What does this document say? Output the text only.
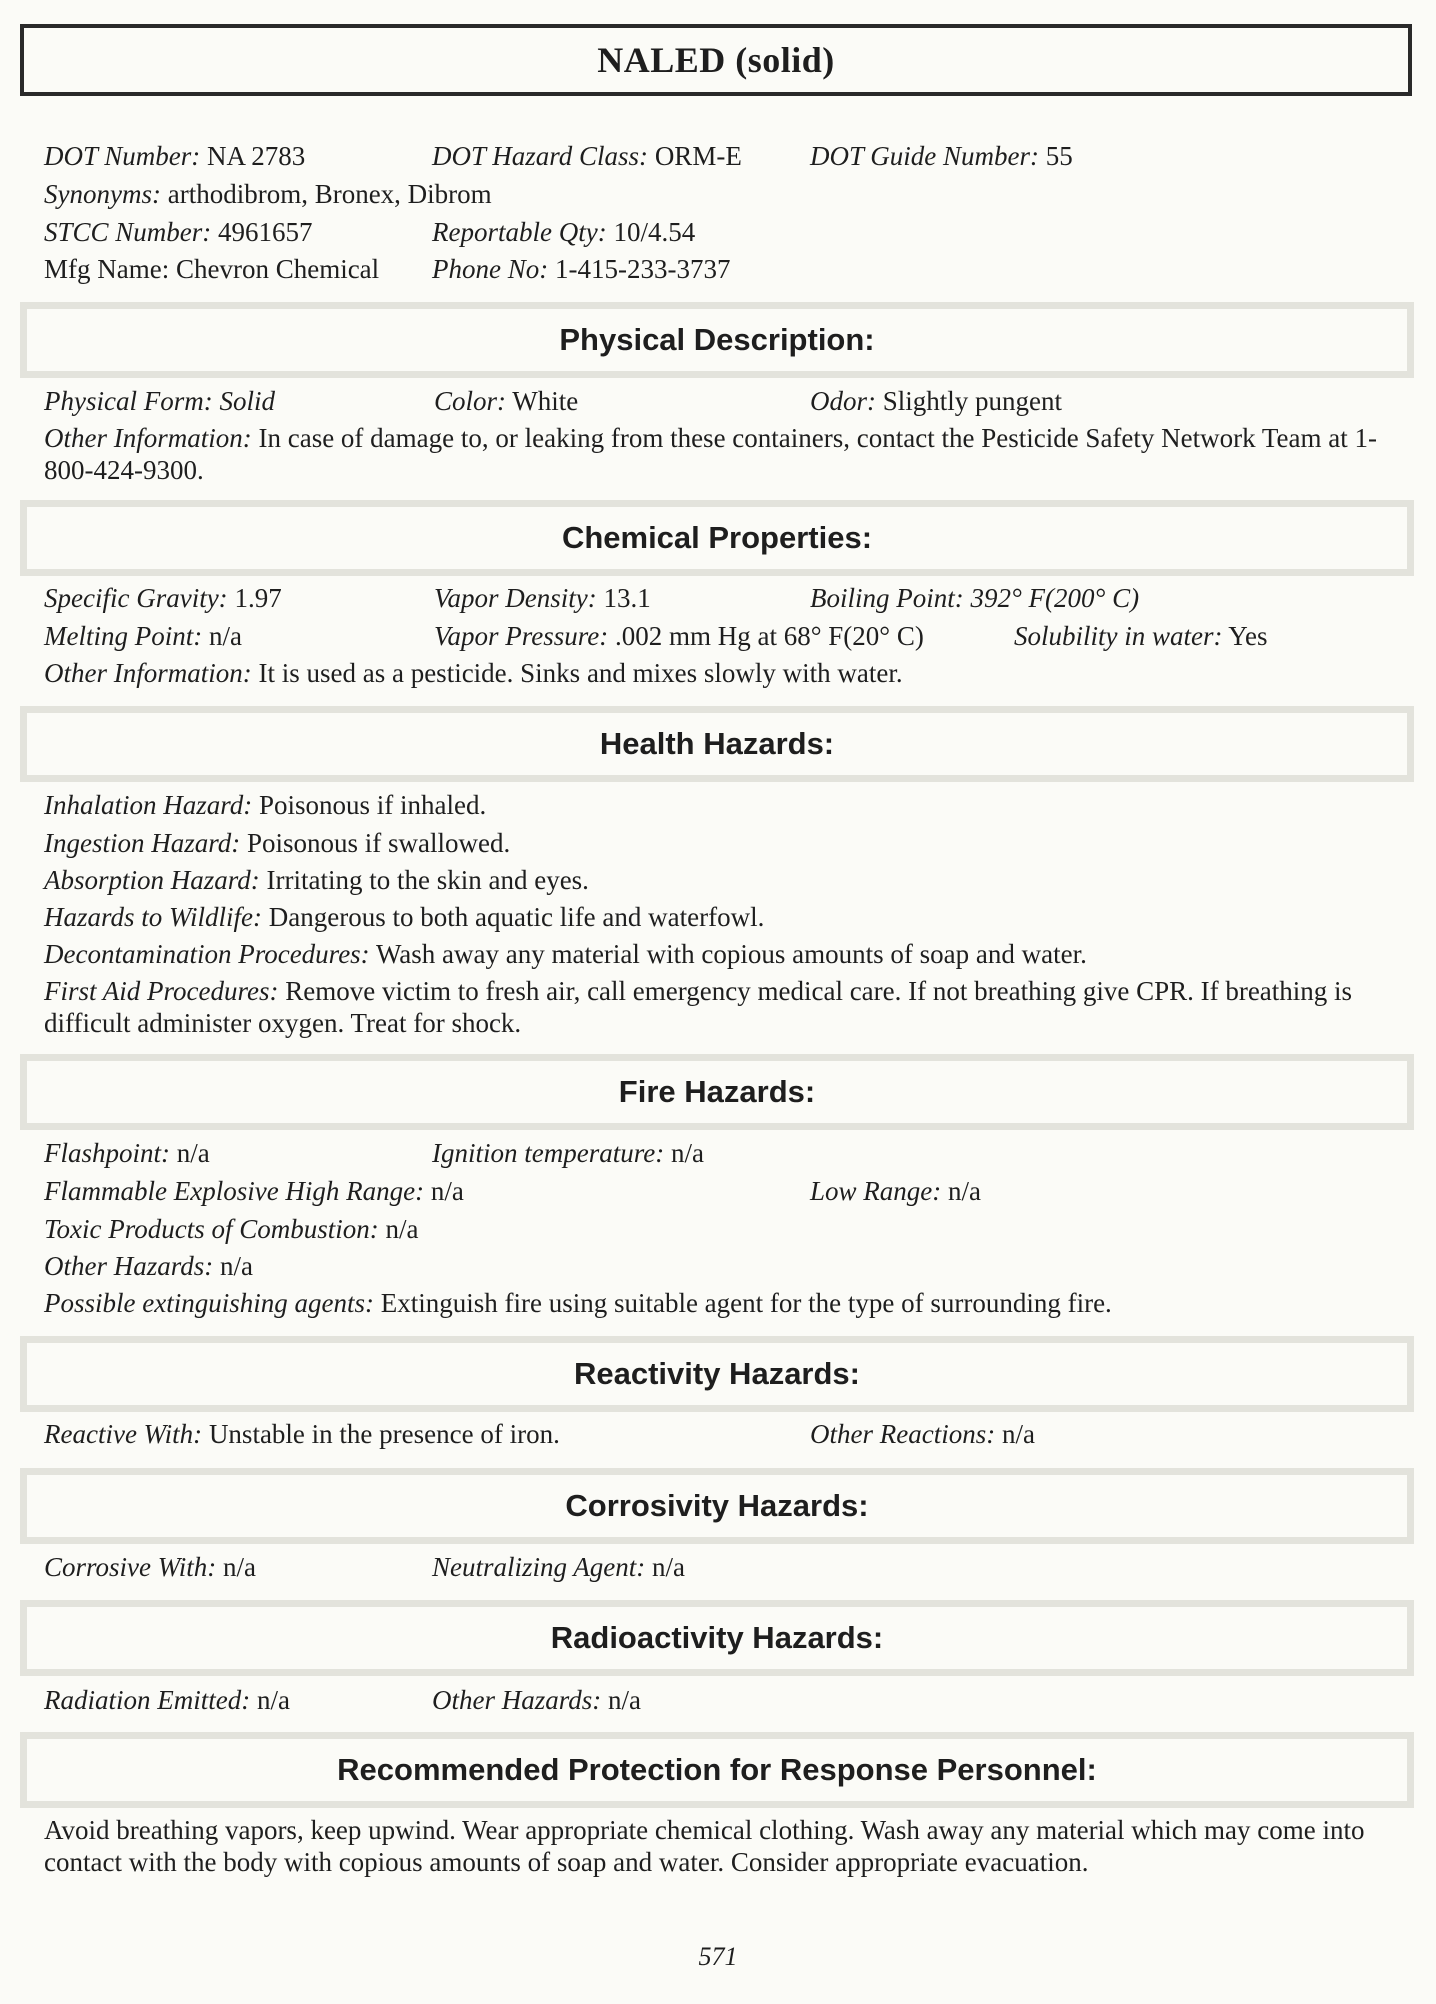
NALED (solid)
DOT Number: NA 2783	DOT Hazard Class: ORM-E	DOT Guide Number: 55
Synonyms: arthodibrom, Bronex, Dibrom
STCC Number: 4961657	Reportable Qty: 10/4.54
Mfg Name: Chevron Chemical Phone No: 1-415-233-3737
Physical Description:
Physical Form: Solid	Color: White	Odor: Slightly pungent
Other Information: In case of damage to, or leaking from these containers, contact the Pesticide Safety Network Team at 1-800-424-9300.
Chemical Properties:
Specific Gravity: 1.97	Vapor Density: 13.1	Boiling Point: 392° F(200° C)
Melting Point: n/a	Vapor Pressure: .002 mm Hg at 68° F(20° C)	Solubility in water: Yes
Other Information: It is used as a pesticide. Sinks and mixes slowly with water.
Health Hazards:
Inhalation Hazard: Poisonous if inhaled.
Ingestion Hazard: Poisonous if swallowed.
Absorption Hazard: Irritating to the skin and eyes.
Hazards to Wildlife: Dangerous to both aquatic life and waterfowl.
Decontamination Procedures: Wash away any material with copious amounts of soap and water.
First Aid Procedures: Remove victim to fresh air, call emergency medical care. If not breathing give CPR. If breathing is difficult administer oxygen. Treat for shock.
Fire Hazards:
Flashpoint: n/a	Ignition temperature: n/a
Flammable Explosive High Range: n/a	Low Range: n/a
Toxic Products of Combustion: n/a
Other Hazards: n/a
Possible extinguishing agents: Extinguish fire using suitable agent for the type of surrounding fire.
Reactivity Hazards:
Reactive With: Unstable in the presence of iron.	Other Reactions: n/a
Corrosivity Hazards:
Corrosive With: n/a	Neutralizing Agent: n/a
Radioactivity Hazards:
Radiation Emitted: n/a	Other Hazards: n/a
Recommended Protection for Response Personnel:
Avoid breathing vapors, keep upwind. Wear appropriate chemical clothing. Wash away any material which may come into contact with the body with copious amounts of soap and water. Consider appropriate evacuation.
571
